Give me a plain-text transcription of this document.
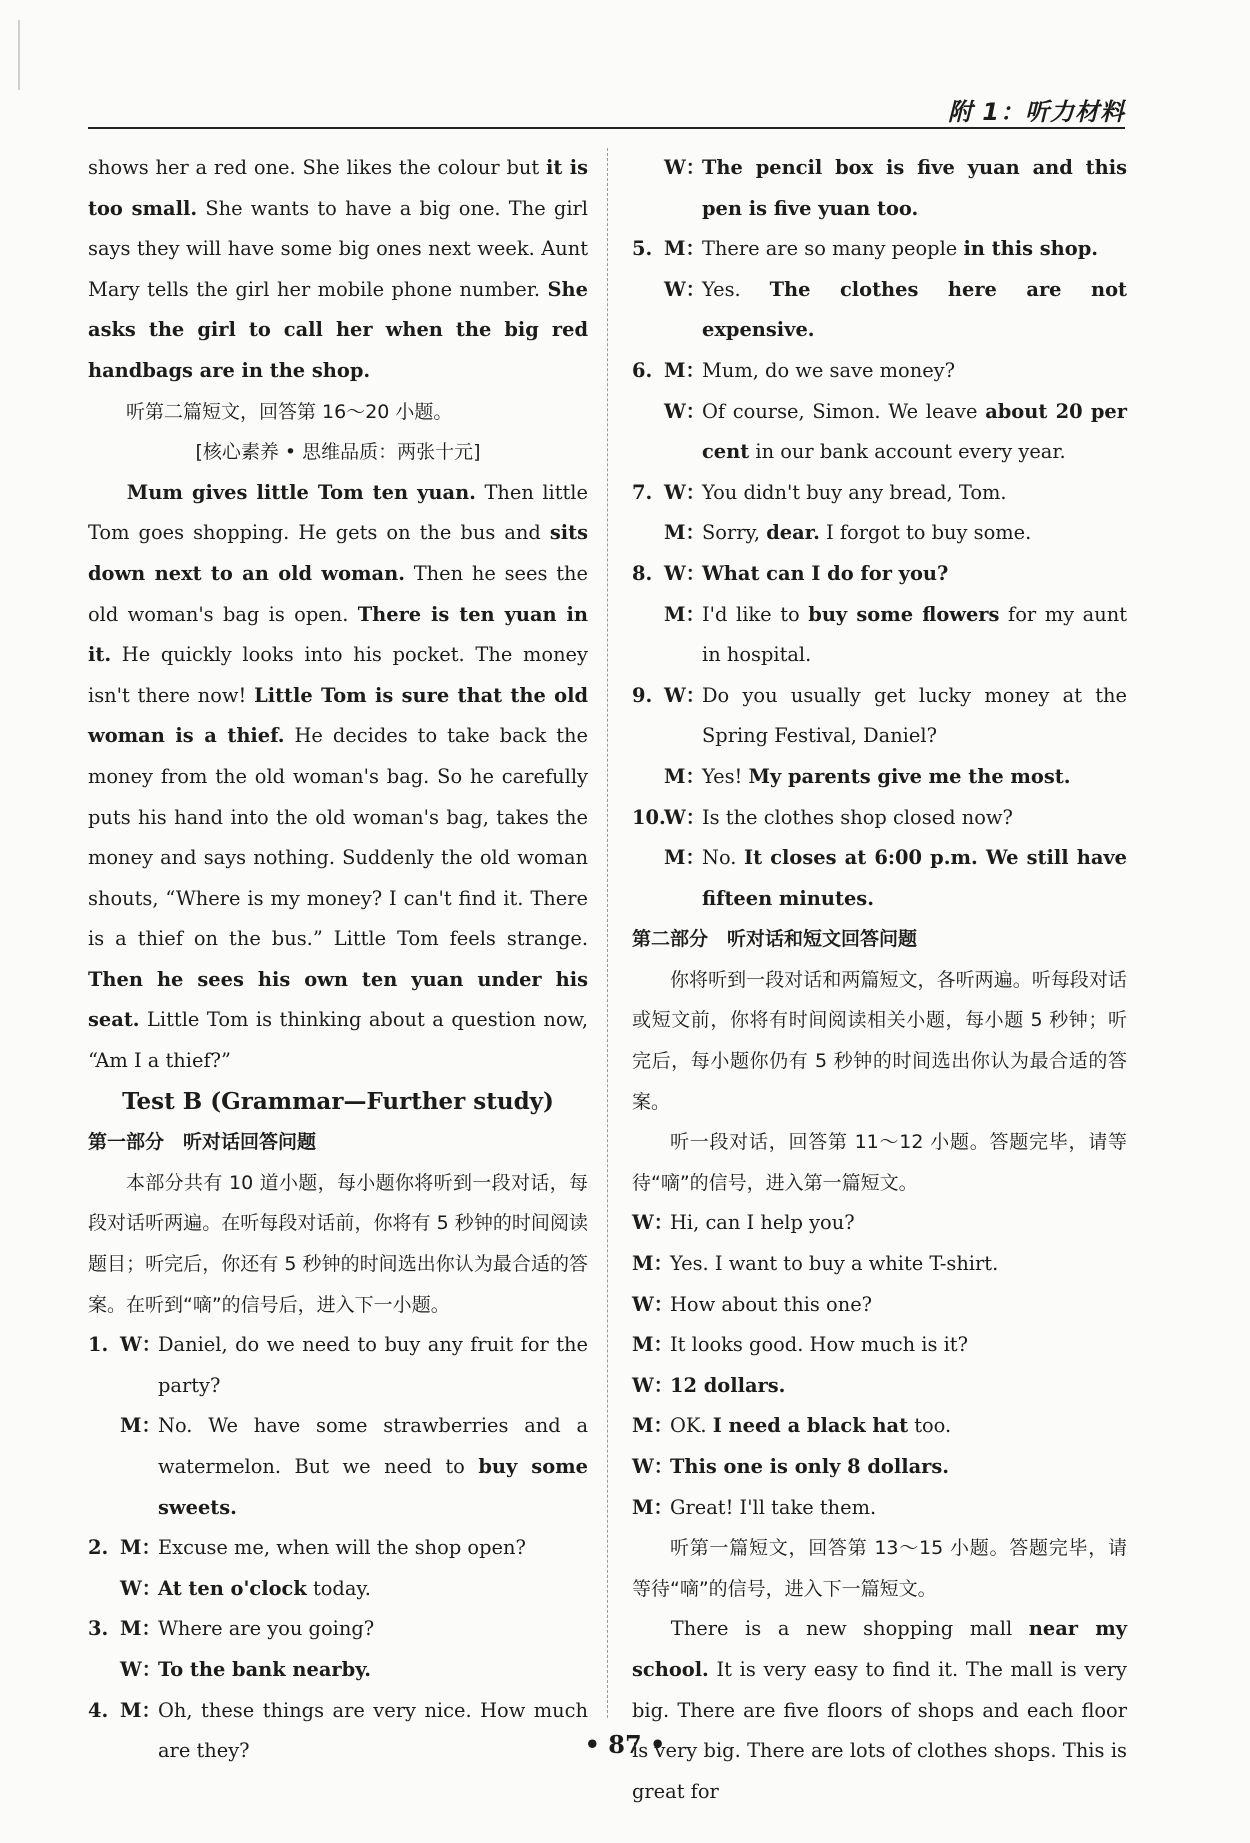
附 1：听力材料

shows her a red one. She likes the colour but it is too small. She wants to have a big one. The girl says they will have some big ones next week. Aunt Mary tells the girl her mobile phone number. She asks the girl to call her when the big red handbags are in the shop.

听第二篇短文，回答第 16～20 小题。

[核心素养 • 思维品质：两张十元]

Mum gives little Tom ten yuan. Then little Tom goes shopping. He gets on the bus and sits down next to an old woman. Then he sees the old woman's bag is open. There is ten yuan in it. He quickly looks into his pocket. The money isn't there now! Little Tom is sure that the old woman is a thief. He decides to take back the money from the old woman's bag. So he carefully puts his hand into the old woman's bag, takes the money and says nothing. Suddenly the old woman shouts, “Where is my money? I can't find it. There is a thief on the bus.” Little Tom feels strange. Then he sees his own ten yuan under his seat. Little Tom is thinking about a question now, “Am I a thief?”

Test B (Grammar—Further study)

第一部分　听对话回答问题

本部分共有 10 道小题，每小题你将听到一段对话，每段对话听两遍。在听每段对话前，你将有 5 秒钟的时间阅读题目；听完后，你还有 5 秒钟的时间选出你认为最合适的答案。在听到“嘀”的信号后，进入下一小题。

1. W：
Daniel, do we need to buy any fruit for the party?
M：
No. We have some strawberries and a watermelon. But we need to buy some sweets.
2. M：
Excuse me, when will the shop open?
W：
At ten o'clock today.
3. M：
Where are you going?
W：
To the bank nearby.
4. M：
Oh, these things are very nice. How much are they?
W：
The pencil box is five yuan and this pen is five yuan too.
5. M：
There are so many people in this shop.
W：
Yes. The clothes here are not expensive.
6. M：
Mum, do we save money?
W：
Of course, Simon. We leave about 20 per cent in our bank account every year.
7. W：
You didn't buy any bread, Tom.
M：
Sorry, dear. I forgot to buy some.
8. W：
What can I do for you?
M：
I'd like to buy some flowers for my aunt in hospital.
9. W：
Do you usually get lucky money at the Spring Festival, Daniel?
M：
Yes! My parents give me the most.
10.
W：
Is the clothes shop closed now?
M：
No. It closes at 6:00 p.m. We still have fifteen minutes.

第二部分　听对话和短文回答问题

你将听到一段对话和两篇短文，各听两遍。听每段对话或短文前，你将有时间阅读相关小题，每小题 5 秒钟；听完后，每小题你仍有 5 秒钟的时间选出你认为最合适的答案。

听一段对话，回答第 11～12 小题。答题完毕，请等待“嘀”的信号，进入第一篇短文。

W：
Hi, can I help you?
M：
Yes. I want to buy a white T-shirt.
W：
How about this one?
M：
It looks good. How much is it?
W：
12 dollars.
M：
OK. I need a black hat too.
W：
This one is only 8 dollars.
M：
Great! I'll take them.

听第一篇短文，回答第 13～15 小题。答题完毕，请等待“嘀”的信号，进入下一篇短文。

There is a new shopping mall near my school. It is very easy to find it. The mall is very big. There are five floors of shops and each floor is very big. There are lots of clothes shops. This is great for

• 87 •
